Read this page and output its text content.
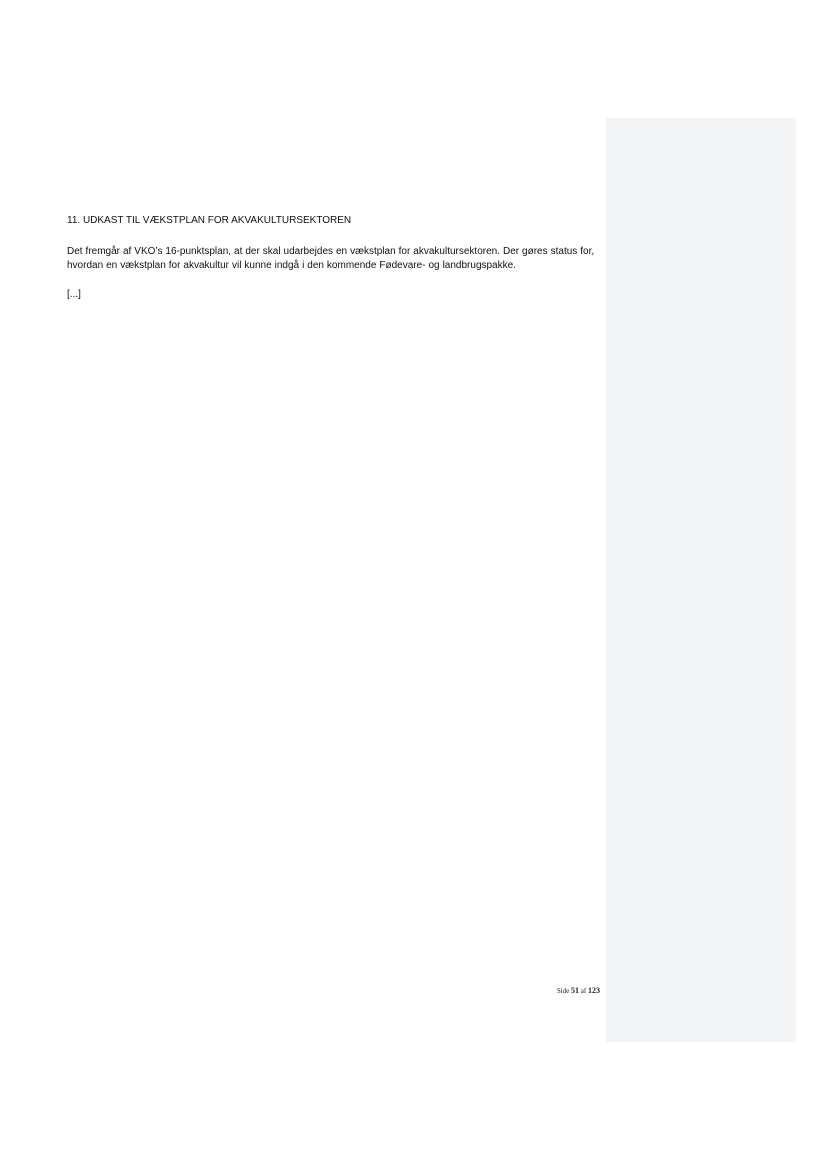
11. UDKAST TIL VÆKSTPLAN FOR AKVAKULTURSEKTOREN

Det fremgår af VKO’s 16-punktsplan, at der skal udarbejdes en vækstplan for akvakultursektoren. Der gøres status for, hvordan en vækstplan for akvakultur vil kunne indgå i den kommende Fødevare- og landbrugspakke.

[...]

Side 51 af 123
